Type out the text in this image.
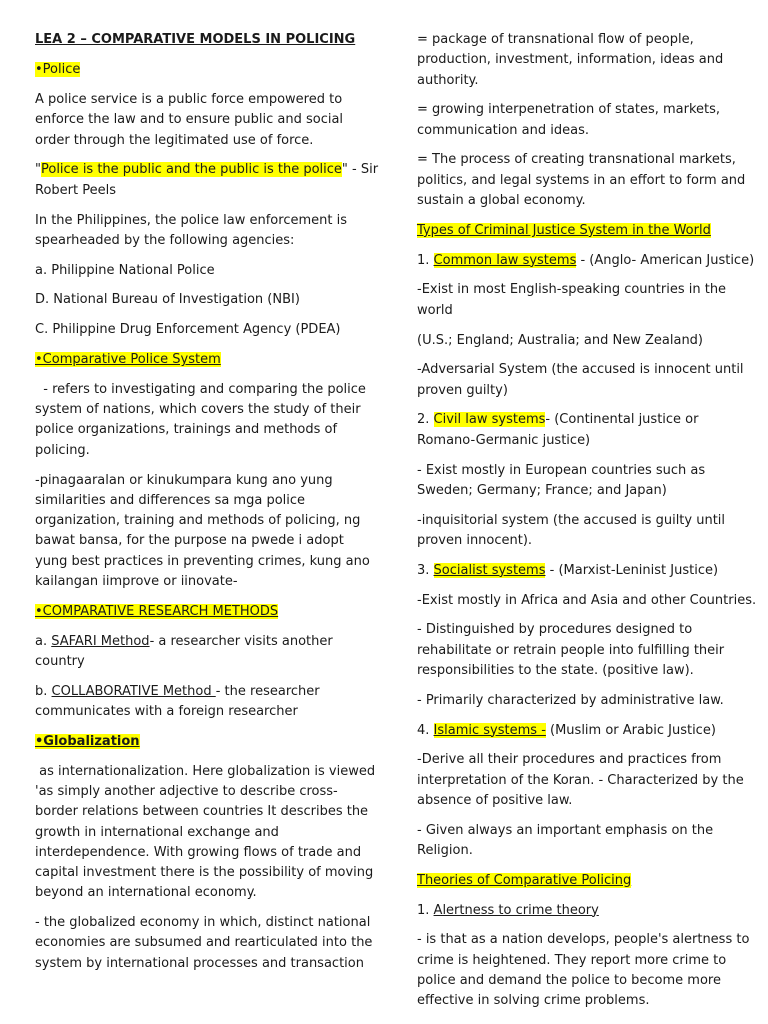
LEA 2 – COMPARATIVE MODELS IN POLICING

•Police

A police service is a public force empowered to enforce the law and to ensure public and social order through the legitimated use of force.

"Police is the public and the public is the police" - Sir Robert Peels

In the Philippines, the police law enforcement is spearheaded by the following agencies:

a. Philippine National Police

D. National Bureau of Investigation (NBI)

C. Philippine Drug Enforcement Agency (PDEA)

•Comparative Police System

- refers to investigating and comparing the police system of nations, which covers the study of their police organizations, trainings and methods of policing.

-pinagaaralan or kinukumpara kung ano yung similarities and differences sa mga police organization, training and methods of policing, ng bawat bansa, for the purpose na pwede i adopt yung best practices in preventing crimes, kung ano kailangan iimprove or iinovate-

•COMPARATIVE RESEARCH METHODS

a. SAFARI Method- a researcher visits another country

b. COLLABORATIVE Method - the researcher communicates with a foreign researcher

•Globalization

as internationalization. Here globalization is viewed 'as simply another adjective to describe cross-border relations between countries It describes the growth in international exchange and interdependence. With growing flows of trade and capital investment there is the possibility of moving beyond an international economy.

- the globalized economy in which, distinct national economies are subsumed and rearticulated into the system by international processes and transaction

= package of transnational flow of people, production, investment, information, ideas and authority.

= growing interpenetration of states, markets, communication and ideas.

= The process of creating transnational markets, politics, and legal systems in an effort to form and sustain a global economy.

Types of Criminal Justice System in the World

1. Common law systems - (Anglo- American Justice)

-Exist in most English-speaking countries in the world

(U.S.; England; Australia; and New Zealand)

-Adversarial System (the accused is innocent until proven guilty)

2. Civil law systems- (Continental justice or Romano-Germanic justice)

- Exist mostly in European countries such as Sweden; Germany; France; and Japan)

-inquisitorial system (the accused is guilty until proven innocent).

3. Socialist systems - (Marxist-Leninist Justice)

-Exist mostly in Africa and Asia and other Countries.

- Distinguished by procedures designed to rehabilitate or retrain people into fulfilling their responsibilities to the state. (positive law).

- Primarily characterized by administrative law.

4. Islamic systems - (Muslim or Arabic Justice)

-Derive all their procedures and practices from interpretation of the Koran. - Characterized by the absence of positive law.

- Given always an important emphasis on the Religion.

Theories of Comparative Policing

1. Alertness to crime theory

- is that as a nation develops, people's alertness to crime is heightened. They report more crime to police and demand the police to become more effective in solving crime problems.
